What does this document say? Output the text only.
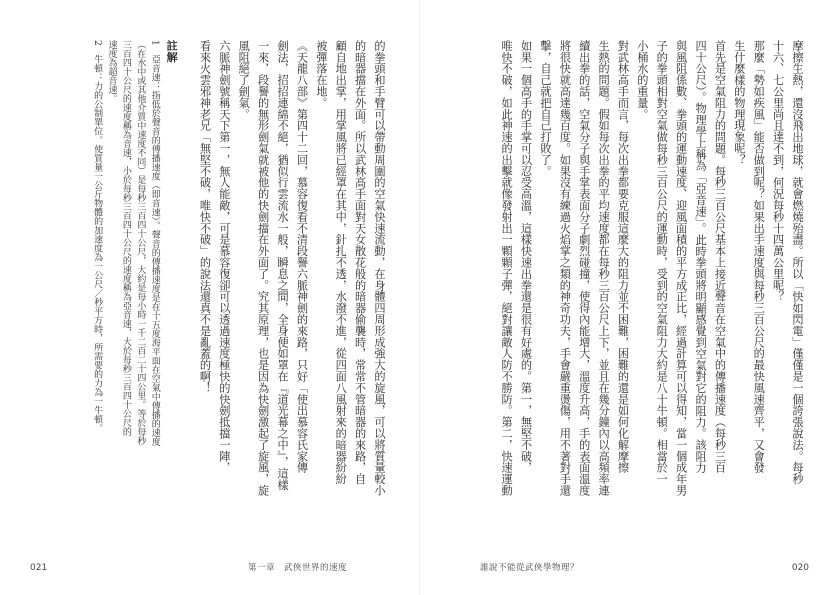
摩擦生熱，還沒飛出地球，就會燃燒殆盡。所以「快如閃電」僅僅是一個誇張說法。每秒
十六、七公里尚且達不到，何況每秒十四萬公里呢？
那麼「勢如疾風」能否做到呢？如果出手速度與每秒三百公尺的最快風速齊平，又會發
生什麼樣的物理現象呢？
首先是空氣阻力的問題。每秒三百公尺基本上接近聲音在空氣中的傳播速度（每秒三百
四十公尺）。物理學上稱為「亞音速」。此時拳頭將明顯感覺到空氣對它的阻力。該阻力
與風阻係數、拳頭的運動速度、迎風面積的平方成正比，經過計算可以得知，當一個成年男
子的拳頭相對空氣做每秒三百公尺的運動時，受到的空氣阻力大約是八十牛頓。相當於一
小桶水的重量。
對武林高手而言，每次出拳都要克服這麼大的阻力並不困難，困難的還是如何化解摩擦
生熱的問題。假如每次出拳的平均速度都在每秒三百公尺上下，並且在幾分鐘內以高頻率連
續出拳的話，空氣分子與手掌表面分子劇烈碰撞，使得內能增大，溫度升高，手的表面溫度
將很快就高達幾百度。如果沒有練過火焰掌之類的神奇功夫，手會嚴重燙傷，用不著對手還
擊，自己就把自己打敗了。
如果一個高手的手掌可以忍受高溫，這樣快速出拳還是很有好處的。第一，無堅不破，
唯快不破，如此神速的出擊就像發射出一顆顆子彈，絕對讓敵人防不勝防。第二，快速運動
誰說不能從武俠學物理？	020
的拳頭和手臂可以帶動周圍的空氣快速流動，在身體四周形成強大的旋風，可以將質量較小
的暗器擋在外面。所以武林高手面對天女散花般的暗器偷襲時，常常不管暗器的來路，自
顧自地出掌，用掌風將已經罩在其中，針扎不透，水潑不進，從四面八風射來的暗器紛紛
被彈落在地。
《天龍八部》第四十二回，慕容復看不清段譽六脈神劍的來路，只好「使出慕容氏家傳
劍法，招招連綿不絕，猶似行雲流水一般，瞬息之間，全身便如罩在『道光幕之中』，這樣
一來，段譽的無形劍氣就被他的快劍擋在外面了。究其原理，也是因為快劍激起了旋風，旋
風阻絕了劍氣。
六脈神劍號稱天下第一，無人能敵，可是慕容復卻可以透過速度極快的快劍抵擋一陣，
看來火雲邪神老兄「無堅不破，唯快不破」的說法還真不是亂蓋的啊！
註解
1　亞音速：指低於聲音的傳播速度（即音速）。聲音的傳播速度是在十五度海平面在空氣中傳播的速度
（在水中或其他介質中速度不同）是每秒三百四十公尺，大約是每小時一千二百二十四公里。等於每秒
三百四十公尺的速度稱為音速，小於每秒三百四十公尺的速度稱為亞音速，大於每秒三百四十公尺的
速度為超音速。
2　牛頓：力的公制單位。使質量一公斤物體的加速度為一公尺／秒平方時，所需要的力為一牛頓。
021	第一章　武俠世界的速度
